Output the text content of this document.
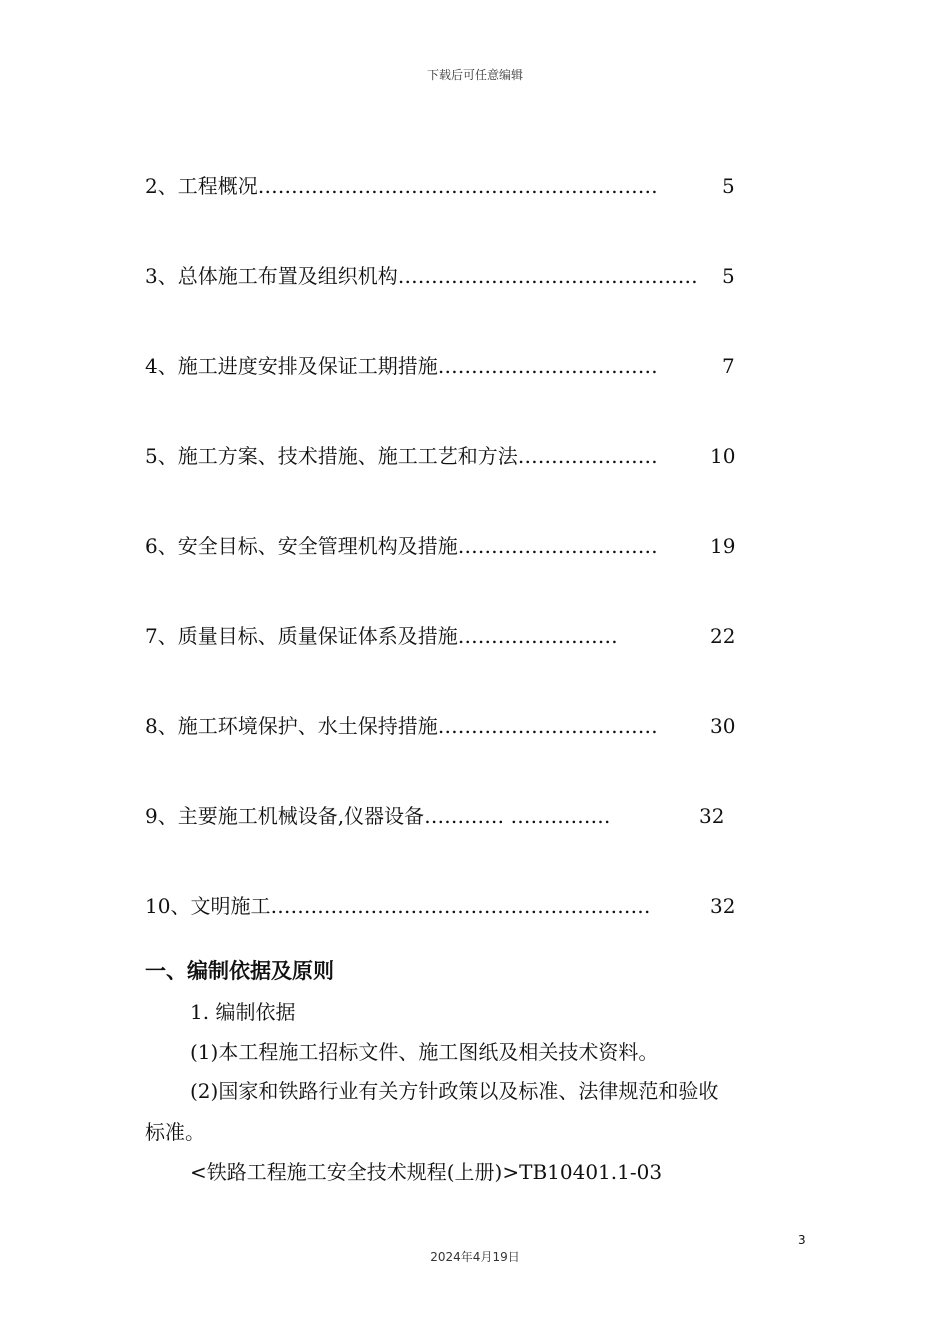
下载后可任意编辑
2、工程概况……………………………………………………	5
3、总体施工布置及组织机构……………………………………… 5
4、施工进度安排及保证工期措施……………………………	7
5、施工方案、技术措施、施工工艺和方法…………………	10
6、安全目标、安全管理机构及措施…………………………	19
7、质量目标、质量保证体系及措施……………………	22
8、施工环境保护、水土保持措施……………………………	30
9、主要施工机械设备,仪器设备………… ……………	32
10、文明施工…………………………………………………	32
一、编制依据及原则
1. 编制依据
(1)本工程施工招标文件、施工图纸及相关技术资料。
(2)国家和铁路行业有关方针政策以及标准、法律规范和验收
标准。
<铁路工程施工安全技术规程(上册)>TB10401.1-03
3
2024年4月19日
